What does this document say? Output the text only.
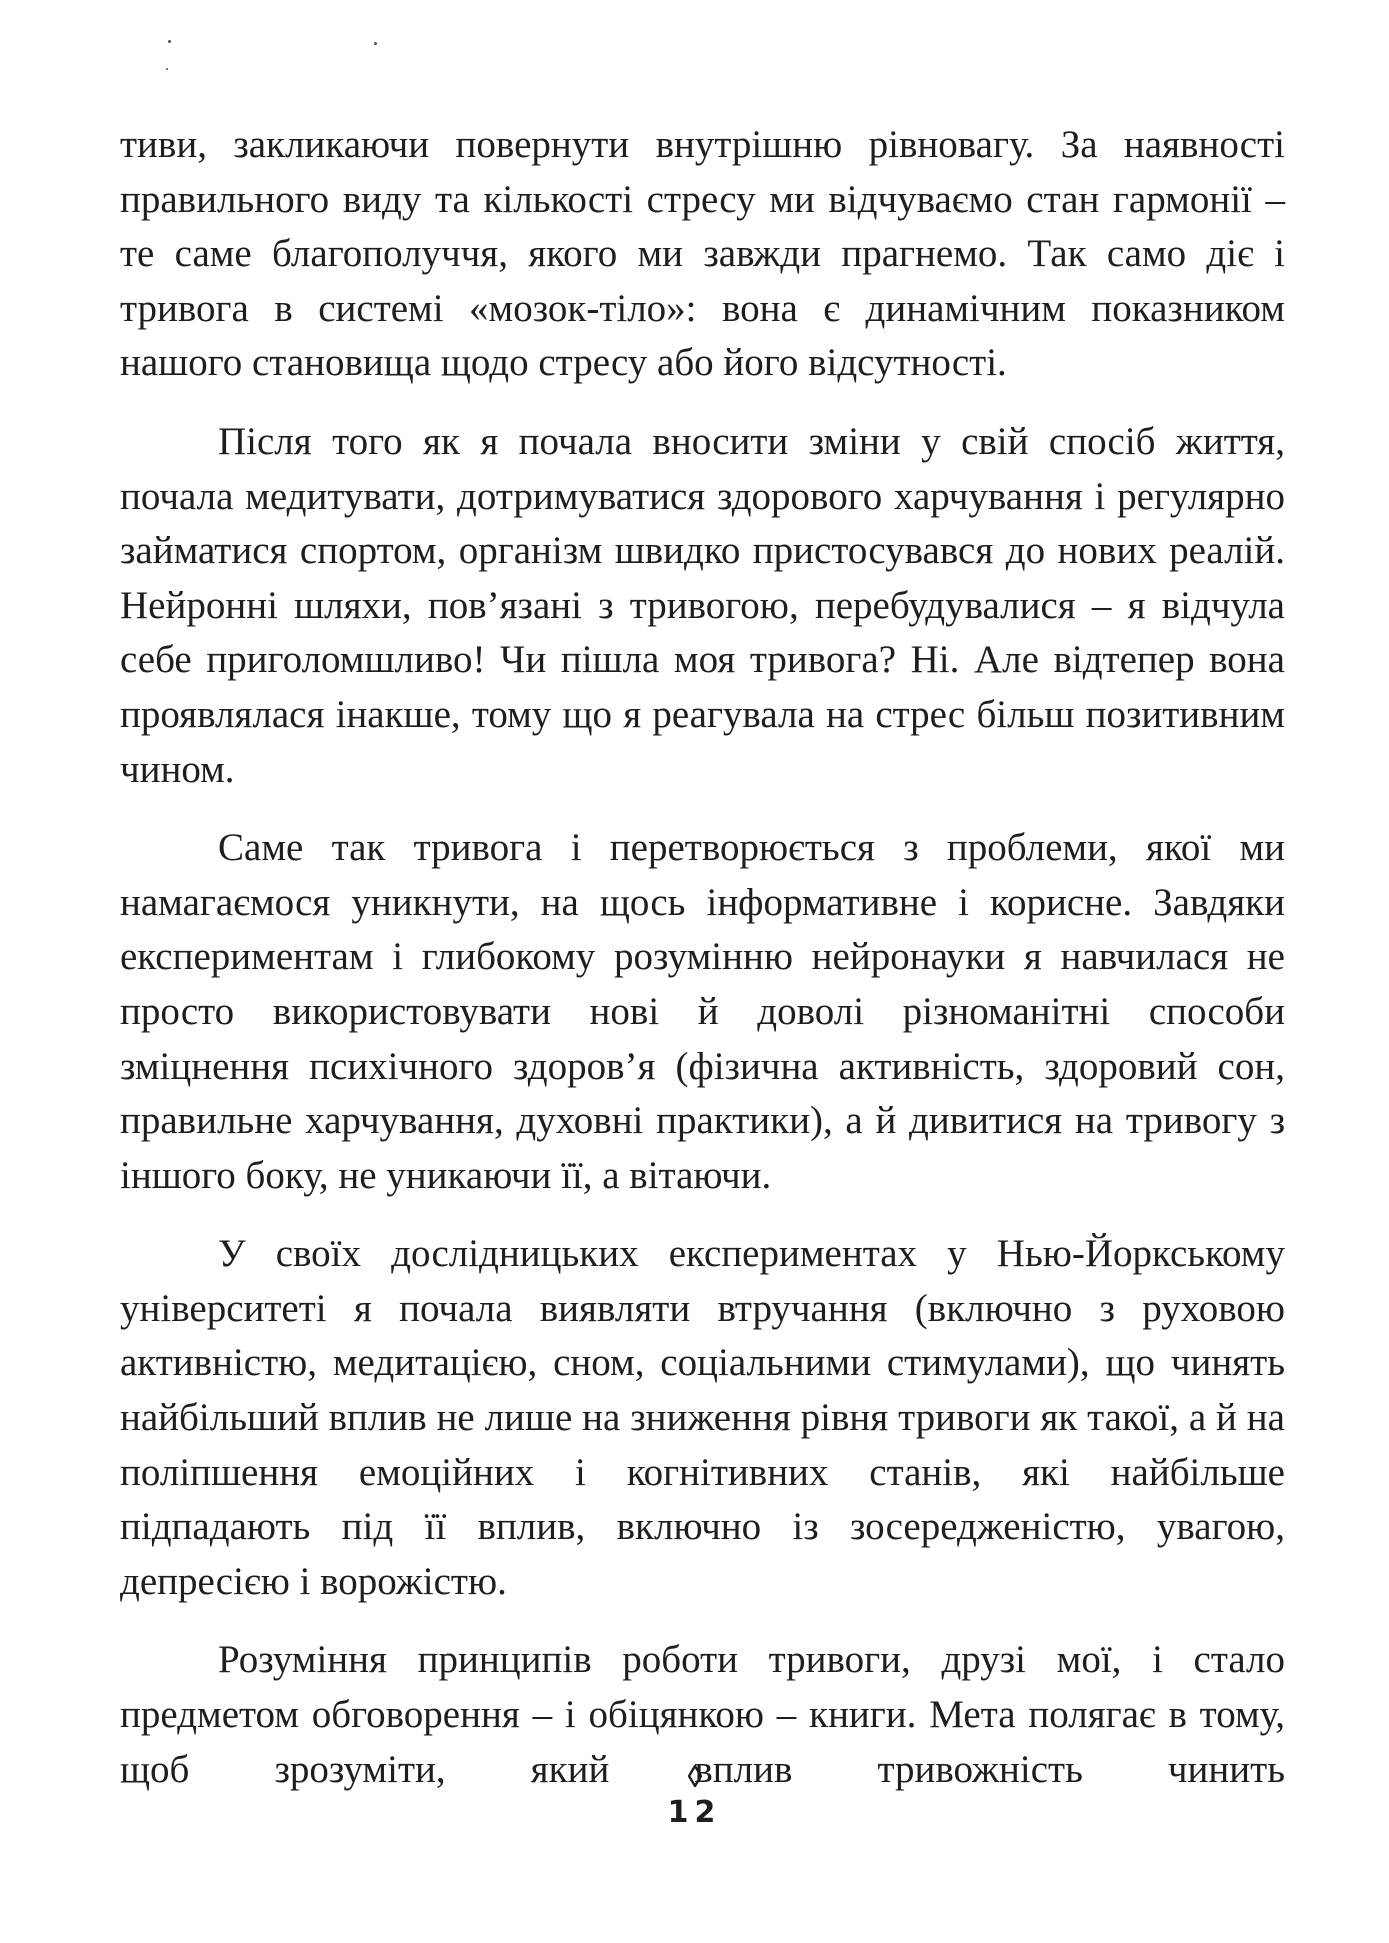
тиви, закликаючи повернути внутрішню рівновагу. За наявності правильного виду та кількості стресу ми відчуваємо стан гармонії – те саме благополуччя, якого ми завжди прагнемо. Так само діє і тривога в системі «мозок-тіло»: вона є динамічним показником нашого становища щодо стресу або його відсутності.

Після того як я почала вносити зміни у свій спосіб життя, почала медитувати, дотримуватися здорового харчування і регулярно займатися спортом, організм швидко пристосувався до нових реалій. Нейронні шляхи, пов’язані з тривогою, перебудувалися – я відчула себе приголомшливо! Чи пішла моя тривога? Ні. Але відтепер вона проявлялася інакше, тому що я реагувала на стрес більш позитивним чином.

Саме так тривога і перетворюється з проблеми, якої ми намагаємося уникнути, на щось інформативне і корисне. Завдяки експериментам і глибокому розумінню нейронауки я навчилася не просто використовувати нові й доволі різноманітні способи зміцнення психічного здоров’я (фізична активність, здоровий сон, правильне харчування, духовні практики), а й дивитися на тривогу з іншого боку, не уникаючи її, а вітаючи.

У своїх дослідницьких експериментах у Нью-Йоркському університеті я почала виявляти втручання (включно з руховою активністю, медитацією, сном, соціальними стимулами), що чинять найбільший вплив не лише на зниження рівня тривоги як такої, а й на поліпшення емоційних і когнітивних станів, які найбільше підпадають під її вплив, включно із зосередженістю, увагою, депресією і ворожістю.

Розуміння принципів роботи тривоги, друзі мої, і стало предметом обговорення – і обіцянкою – книги. Мета полягає в тому, щоб зрозуміти, який вплив тривожність чинить

12
